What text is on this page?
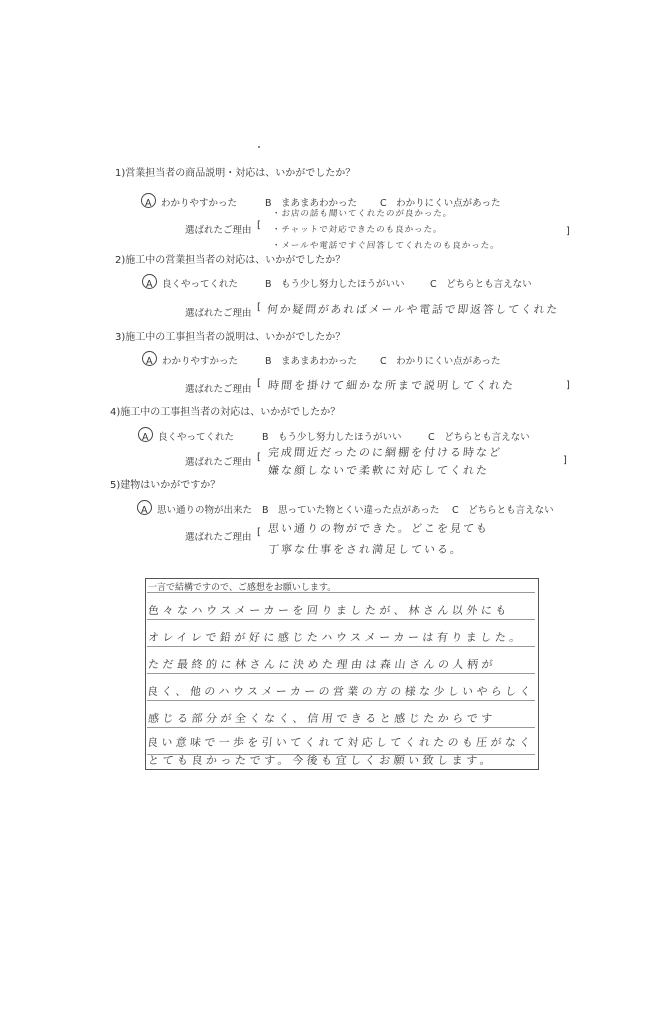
1)営業担当者の商品説明・対応は、いかがでしたか？
A　わかりやすかった	B　まあまあわかった C　わかりにくい点があった
選ばれたご理由 [
・お店の話も聞いてくれたのが良かった。
・チャットで対応できたのも良かった。
・メールや電話ですぐ回答してくれたのも良かった。
]
2)施工中の営業担当者の対応は、いかがでしたか？
A　良くやってくれた	B　もう少し努力したほうがいい	C　どちらとも言えない
選ばれたご理由
[ 何か疑問があればメールや電話で即返答してくれた
3)施工中の工事担当者の説明は、いかがでしたか？
A　わかりやすかった	B　まあまあわかった C　わかりにくい点があった
選ばれたご理由
[ 時間を掛けて細かな所まで説明してくれた	]
4)施工中の工事担当者の対応は、いかがでしたか？
A　良くやってくれた	B　もう少し努力したほうがいい	C　どちらとも言えない
選ばれたご理由 [ 完成間近だったのに網棚を付ける時など
嫌な顔しないで柔軟に対応してくれた
]
5)建物はいかがですか？
A　思い通りの物が出来た B　思っていた物とくい違った点があった C　どちらとも言えない
選ばれたご理由 [ 思い通りの物ができた。どこを見ても
丁寧な仕事をされ満足している。
一言で結構ですので、ご感想をお願いします。
色々なハウスメーカーを回りましたが、林さん以外にも
オレイレで鉛が好に感じたハウスメーカーは有りました。
ただ最終的に林さんに決めた理由は森山さんの人柄が
良く、他のハウスメーカーの営業の方の様な少しいやらしく
感じる部分が全くなく、信用できると感じたからです
良い意味で一歩を引いてくれて対応してくれたのも圧がなく
とても良かったです。今後も宜しくお願い致します。
